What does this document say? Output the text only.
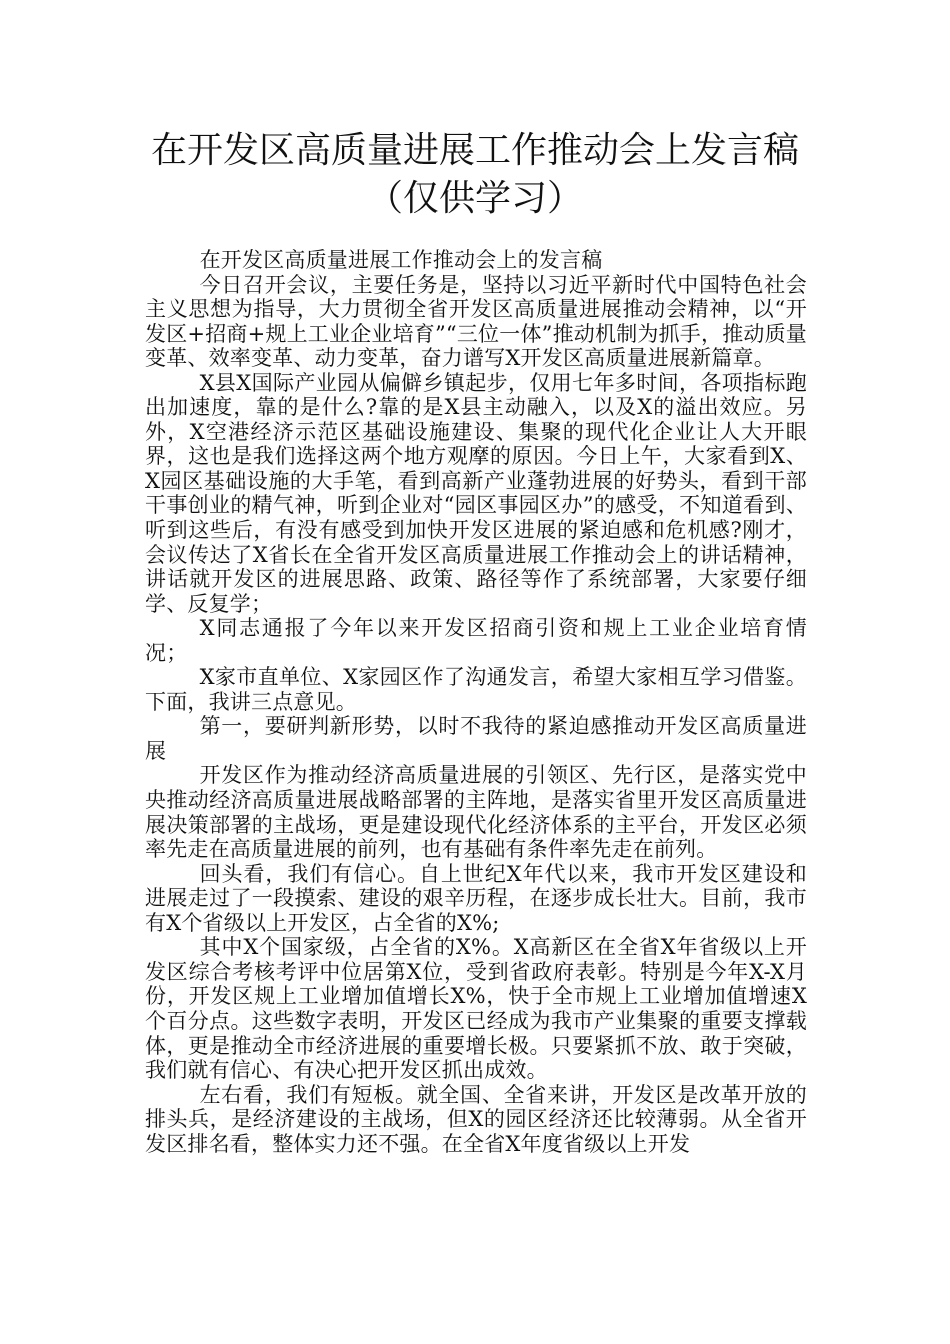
在开发区高质量进展工作推动会上发言稿
（仅供学习）

在开发区高质量进展工作推动会上的发言稿

今日召开会议，主要任务是，坚持以习近平新时代中国特色社会主义思想为指导，大力贯彻全省开发区高质量进展推动会精神，以“开发区+招商+规上工业企业培育”“三位一体”推动机制为抓手，推动质量变革、效率变革、动力变革，奋力谱写X开发区高质量进展新篇章。

X县X国际产业园从偏僻乡镇起步，仅用七年多时间，各项指标跑出加速度，靠的是什么?靠的是X县主动融入，以及X的溢出效应。另外，X空港经济示范区基础设施建设、集聚的现代化企业让人大开眼界，这也是我们选择这两个地方观摩的原因。今日上午，大家看到X、X园区基础设施的大手笔，看到高新产业蓬勃进展的好势头，看到干部干事创业的精气神，听到企业对“园区事园区办”的感受，不知道看到、听到这些后，有没有感受到加快开发区进展的紧迫感和危机感?刚才，会议传达了X省长在全省开发区高质量进展工作推动会上的讲话精神，讲话就开发区的进展思路、政策、路径等作了系统部署，大家要仔细学、反复学；

X同志通报了今年以来开发区招商引资和规上工业企业培育情况；

X家市直单位、X家园区作了沟通发言，希望大家相互学习借鉴。下面，我讲三点意见。

第一，要研判新形势，以时不我待的紧迫感推动开发区高质量进展

开发区作为推动经济高质量进展的引领区、先行区，是落实党中央推动经济高质量进展战略部署的主阵地，是落实省里开发区高质量进展决策部署的主战场，更是建设现代化经济体系的主平台，开发区必须率先走在高质量进展的前列，也有基础有条件率先走在前列。

回头看，我们有信心。自上世纪X年代以来，我市开发区建设和进展走过了一段摸索、建设的艰辛历程，在逐步成长壮大。目前，我市有X个省级以上开发区，占全省的X%;

其中X个国家级，占全省的X%。X高新区在全省X年省级以上开发区综合考核考评中位居第X位，受到省政府表彰。特别是今年X-X月份，开发区规上工业增加值增长X%，快于全市规上工业增加值增速X个百分点。这些数字表明，开发区已经成为我市产业集聚的重要支撑载体，更是推动全市经济进展的重要增长极。只要紧抓不放、敢于突破，我们就有信心、有决心把开发区抓出成效。

左右看，我们有短板。就全国、全省来讲，开发区是改革开放的排头兵，是经济建设的主战场，但X的园区经济还比较薄弱。从全省开发区排名看，整体实力还不强。在全省X年度省级以上开发
